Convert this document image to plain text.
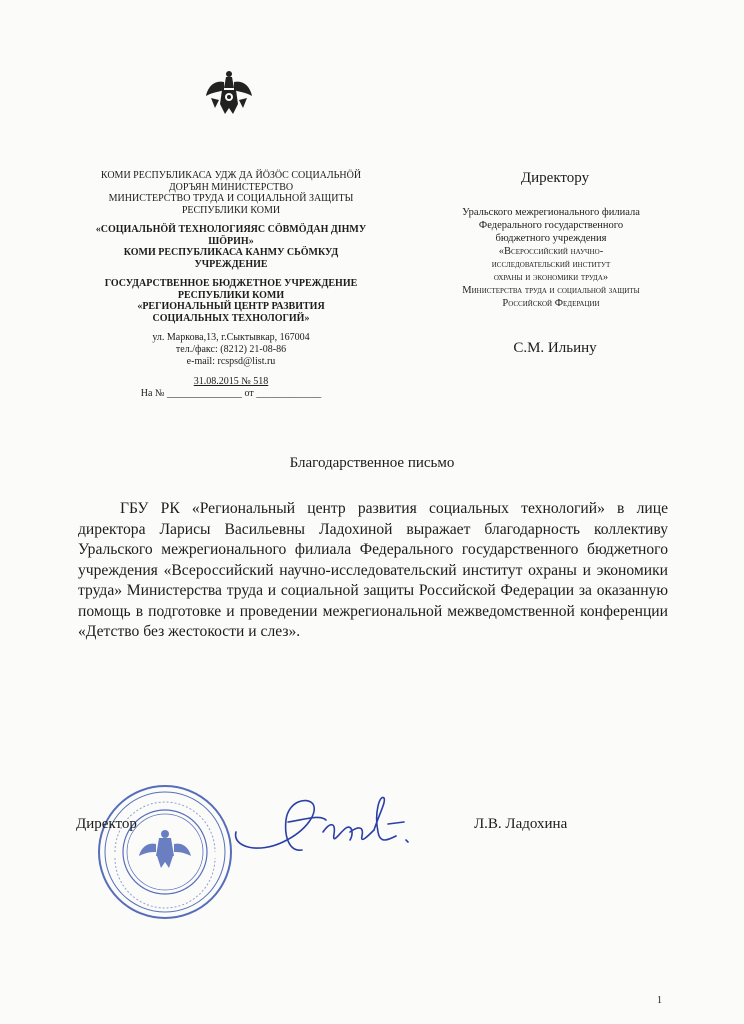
КОМИ РЕСПУБЛИКАСА УДЖ ДА ЙÖЗÖС СОЦИАЛЬНÖЙ
ДОРЪЯН МИНИСТЕРСТВО
МИНИСТЕРСТВО ТРУДА И СОЦИАЛЬНОЙ ЗАЩИТЫ
РЕСПУБЛИКИ КОМИ
«СОЦИАЛЬНÖЙ ТЕХНОЛОГИЯЯС СÖВМÖДАН ДІНМУ
ШÖРИН»
КОМИ РЕСПУБЛИКАСА КАНМУ СЬÖМКУД
УЧРЕЖДЕНИЕ
ГОСУДАРСТВЕННОЕ БЮДЖЕТНОЕ УЧРЕЖДЕНИЕ
РЕСПУБЛИКИ КОМИ
«РЕГИОНАЛЬНЫЙ ЦЕНТР РАЗВИТИЯ
СОЦИАЛЬНЫХ ТЕХНОЛОГИЙ»
ул. Маркова,13, г.Сыктывкар, 167004
тел./факс: (8212) 21-08-86
e-mail: rcspsd@list.ru
31.08.2015 № 518
На № _______________ от _____________
Директору
Уральского межрегионального филиала
Федерального государственного
бюджетного учреждения
«Всероссийский научно-
исследовательский институт
охраны и экономики труда»
Министерства труда и социальной защиты
Российской Федерации
С.М. Ильину
Благодарственное письмо
ГБУ РК «Региональный центр развития социальных технологий» в лице директора Ларисы Васильевны Ладохиной выражает благодарность коллективу Уральского межрегионального филиала Федерального государственного бюджетного учреждения «Всероссийский научно-исследовательский институт охраны и экономики труда» Министерства труда и социальной защиты Российской Федерации за оказанную помощь в подготовке и проведении межрегиональной межведомственной конференции «Детство без жестокости и слез».
Директор	Л.В. Ладохина
1
